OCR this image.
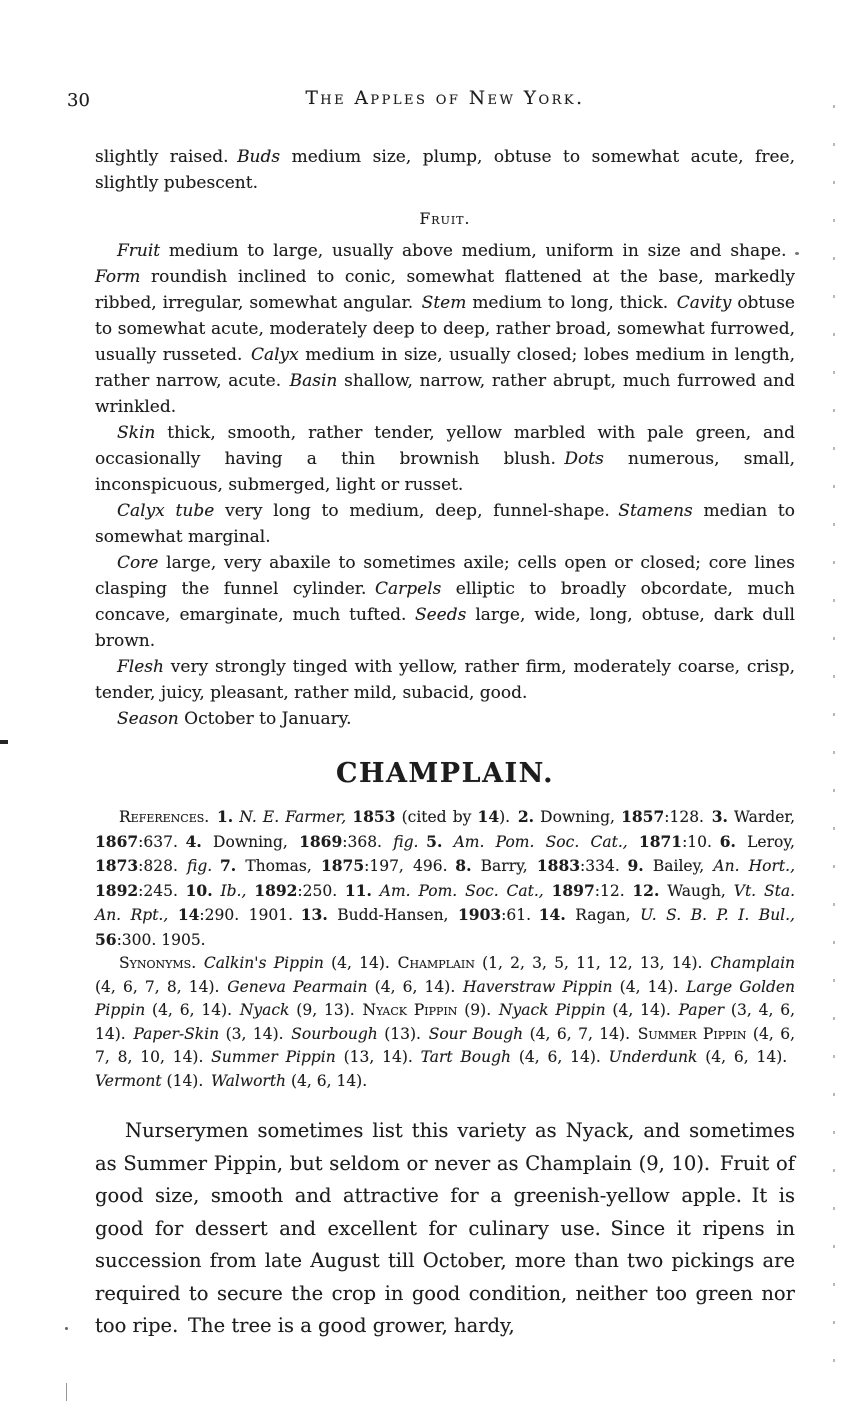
30	The Apples of New York.

slightly raised. Buds medium size, plump, obtuse to somewhat acute, free, slightly pubescent.

Fruit.

Fruit medium to large, usually above medium, uniform in size and shape. Form roundish inclined to conic, somewhat flattened at the base, markedly ribbed, irregular, somewhat angular. Stem medium to long, thick. Cavity obtuse to somewhat acute, moderately deep to deep, rather broad, somewhat furrowed, usually russeted. Calyx medium in size, usually closed; lobes medium in length, rather narrow, acute. Basin shallow, narrow, rather abrupt, much furrowed and wrinkled.

Skin thick, smooth, rather tender, yellow marbled with pale green, and occasionally having a thin brownish blush. Dots numerous, small, inconspicuous, submerged, light or russet.

Calyx tube very long to medium, deep, funnel-shape. Stamens median to somewhat marginal.

Core large, very abaxile to sometimes axile; cells open or closed; core lines clasping the funnel cylinder. Carpels elliptic to broadly obcordate, much concave, emarginate, much tufted. Seeds large, wide, long, obtuse, dark dull brown.

Flesh very strongly tinged with yellow, rather firm, moderately coarse, crisp, tender, juicy, pleasant, rather mild, subacid, good.

Season October to January.

CHAMPLAIN.

References.  1. N. E. Farmer, 1853 (cited by 14). 2. Downing, 1857:128. 3. Warder, 1867:637. 4. Downing, 1869:368. fig.  5. Am. Pom. Soc. Cat., 1871:10. 6. Leroy, 1873:828. fig.  7. Thomas, 1875:197, 496. 8. Barry, 1883:334. 9. Bailey, An. Hort., 1892:245. 10. Ib., 1892:250. 11. Am. Pom. Soc. Cat., 1897:12. 12. Waugh, Vt. Sta. An. Rpt., 14:290. 1901. 13. Budd-Hansen, 1903:61. 14. Ragan, U. S. B. P. I. Bul., 56:300. 1905.

Synonyms.  Calkin's Pippin (4, 14). Champlain (1, 2, 3, 5, 11, 12, 13, 14). Champlain (4, 6, 7, 8, 14). Geneva Pearmain (4, 6, 14). Haverstraw Pippin (4, 14). Large Golden Pippin (4, 6, 14). Nyack (9, 13). Nyack Pippin (9). Nyack Pippin (4, 14). Paper (3, 4, 6, 14). Paper-Skin (3, 14). Sourbough (13). Sour Bough (4, 6, 7, 14). Summer Pippin (4, 6, 7, 8, 10, 14). Summer Pippin (13, 14). Tart Bough (4, 6, 14). Underdunk (4, 6, 14). Vermont (14). Walworth (4, 6, 14).

Nurserymen sometimes list this variety as Nyack, and sometimes as Summer Pippin, but seldom or never as Champlain (9, 10). Fruit of good size, smooth and attractive for a greenish-yellow apple. It is good for dessert and excellent for culinary use. Since it ripens in succession from late August till October, more than two pickings are required to secure the crop in good condition, neither too green nor too ripe. The tree is a good grower, hardy,
